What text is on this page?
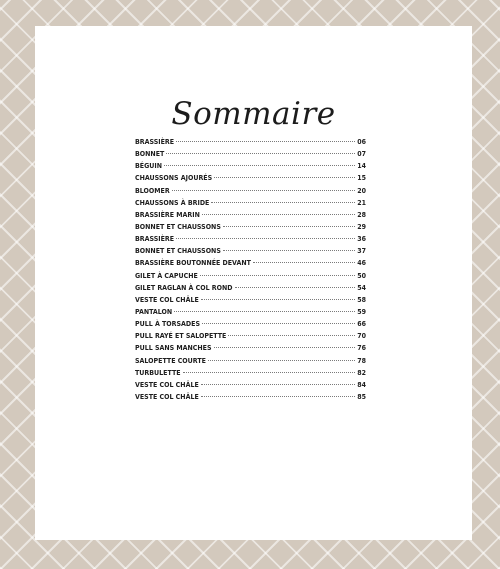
Sommaire
BRASSIÈRE	06
BONNET	07
BÉGUIN	14
CHAUSSONS AJOURÉS	15
BLOOMER	20
CHAUSSONS À BRIDE	21
BRASSIÈRE MARIN	28
BONNET ET CHAUSSONS	29
BRASSIÈRE	36
BONNET ET CHAUSSONS	37
BRASSIÈRE BOUTONNÉE DEVANT	46
GILET À CAPUCHE	50
GILET RAGLAN À COL ROND	54
VESTE COL CHÂLE	58
PANTALON	59
PULL À TORSADES	66
PULL RAYÉ ET SALOPETTE	70
PULL SANS MANCHES	76
SALOPETTE COURTE	78
TURBULETTE	82
VESTE COL CHÂLE	84
VESTE COL CHÂLE	85
